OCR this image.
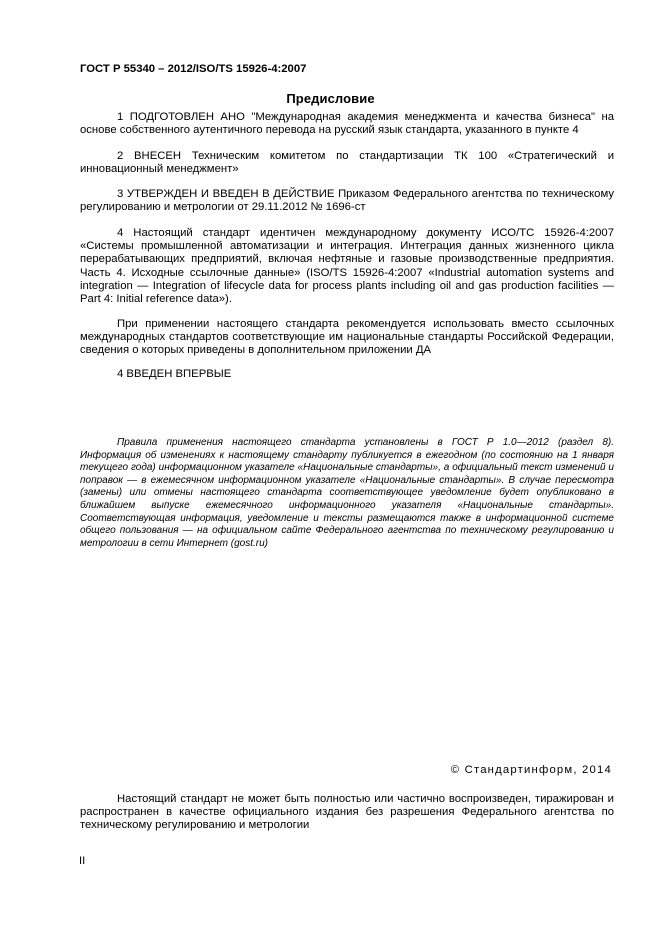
ГОСТ Р 55340 – 2012/ISO/TS 15926-4:2007
Предисловие

1 ПОДГОТОВЛЕН АНО "Международная академия менеджмента и качества бизнеса" на основе собственного аутентичного перевода на русский язык стандарта, указанного в пункте 4

2 ВНЕСЕН Техническим комитетом по стандартизации ТК 100 «Стратегический и инновационный менеджмент»

3 УТВЕРЖДЕН И ВВЕДЕН В ДЕЙСТВИЕ Приказом Федерального агентства по техническому регулированию и метрологии от 29.11.2012 № 1696-ст

4 Настоящий стандарт идентичен международному документу ИСО/ТС 15926-4:2007 «Системы промышленной автоматизации и интеграция. Интеграция данных жизненного цикла перерабатывающих предприятий, включая нефтяные и газовые производственные предприятия. Часть 4. Исходные ссылочные данные» (ISO/TS 15926-4:2007 «Industrial automation systems and integration — Integration of lifecycle data for process plants including oil and gas production facilities — Part 4: Initial reference data»).

При применении настоящего стандарта рекомендуется использовать вместо ссылочных международных стандартов соответствующие им национальные стандарты Российской Федерации, сведения о которых приведены в дополнительном приложении ДА

4 ВВЕДЕН ВПЕРВЫЕ

Правила применения настоящего стандарта установлены в ГОСТ Р 1.0—2012 (раздел 8). Информация об изменениях к настоящему стандарту публикуется в ежегодном (по состоянию на 1 января текущего года) информационном указателе «Национальные стандарты», а официальный текст изменений и поправок — в ежемесячном информационном указателе «Национальные стандарты». В случае пересмотра (замены) или отмены настоящего стандарта соответствующее уведомление будет опубликовано в ближайшем выпуске ежемесячного информационного указателя «Национальные стандарты». Соответствующая информация, уведомление и тексты размещаются также в информационной системе общего пользования — на официальном сайте Федерального агентства по техническому регулированию и метрологии в сети Интернет (gost.ru)

© Стандартинформ, 2014

Настоящий стандарт не может быть полностью или частично воспроизведен, тиражирован и распространен в качестве официального издания без разрешения Федерального агентства по техническому регулированию и метрологии

II
